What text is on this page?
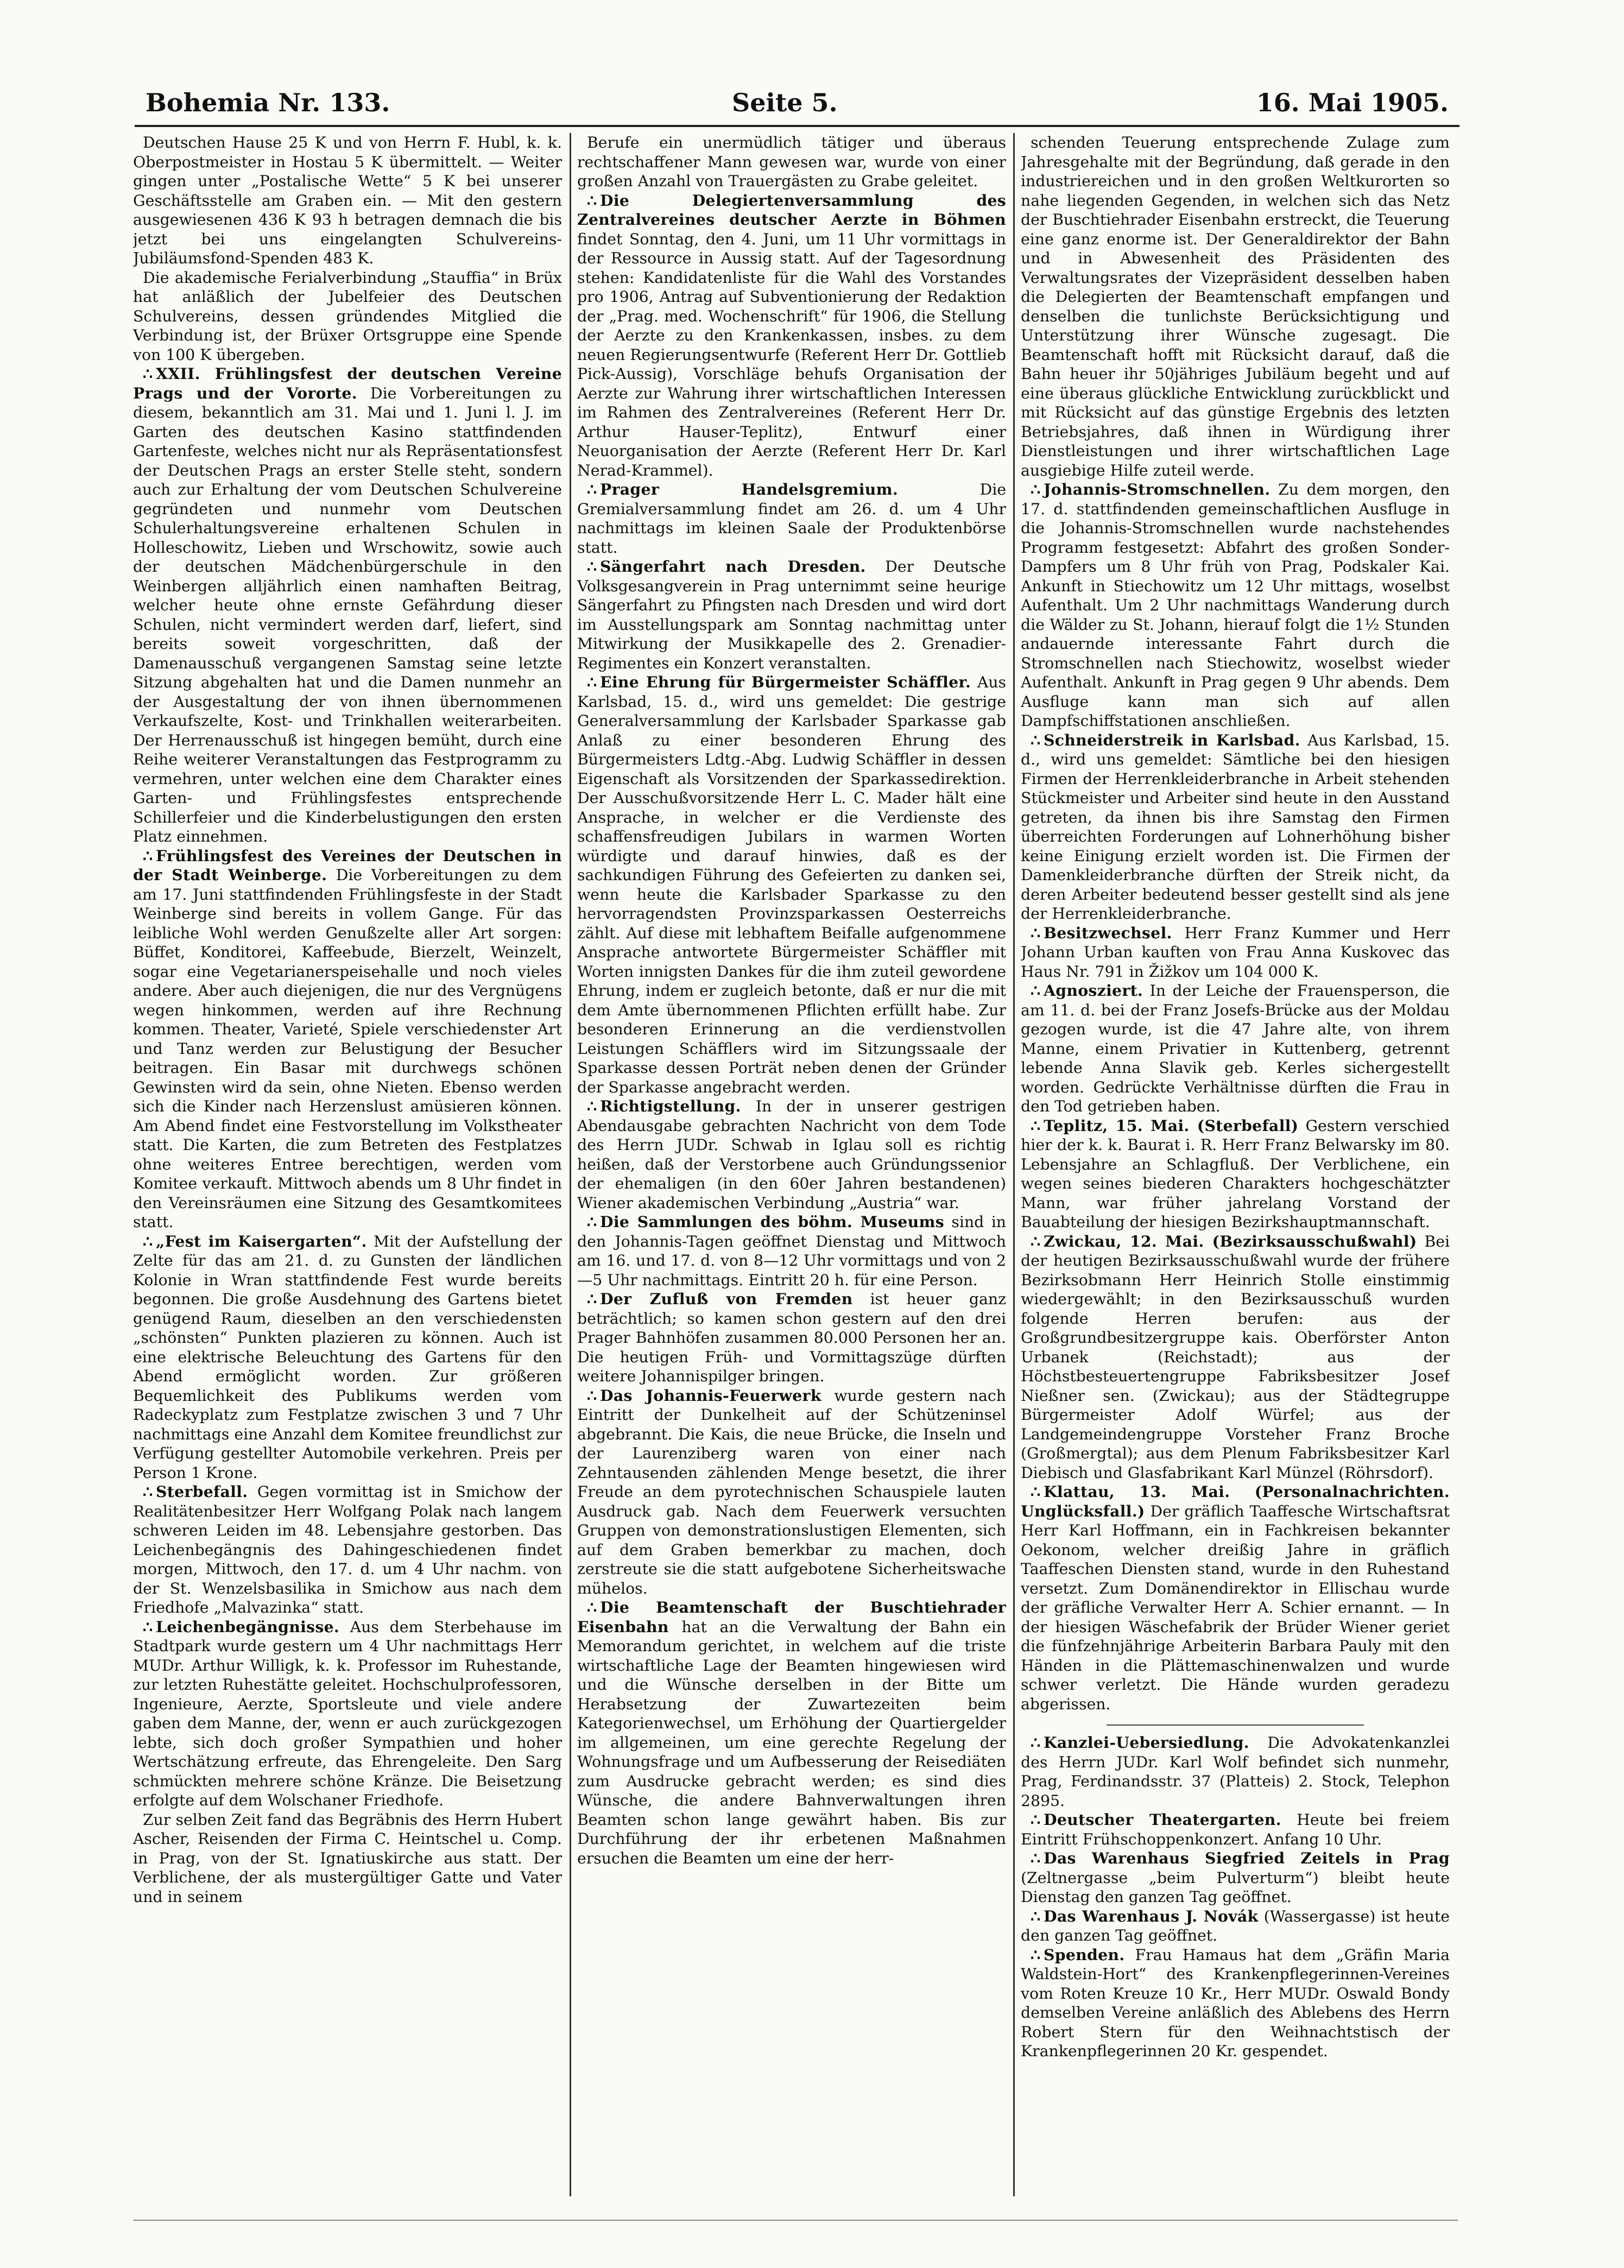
Bohemia Nr. 133.	Seite 5.	16. Mai 1905.

Deutschen Hause 25 K und von Herrn F. Hubl, k. k. Oberpostmeister in Hostau 5 K übermittelt. — Weiter gingen unter „Postalische Wette“ 5 K bei unserer Geschäftsstelle am Graben ein. — Mit den gestern ausgewiesenen 436 K 93 h betragen demnach die bis jetzt bei uns eingelangten Schulvereins-Jubiläumsfond-Spenden 483 K.

Die akademische Ferialverbindung „Stauffia“ in Brüx hat anläßlich der Jubelfeier des Deutschen Schulvereins, dessen gründendes Mitglied die Verbindung ist, der Brüxer Ortsgruppe eine Spende von 100 K übergeben.

∴ XXII. Frühlingsfest der deutschen Vereine Prags und der Vororte. Die Vorbereitungen zu diesem, bekanntlich am 31. Mai und 1. Juni l. J. im Garten des deutschen Kasino stattfindenden Gartenfeste, welches nicht nur als Repräsentationsfest der Deutschen Prags an erster Stelle steht, sondern auch zur Erhaltung der vom Deutschen Schulvereine gegründeten und nunmehr vom Deutschen Schulerhaltungsvereine erhaltenen Schulen in Holleschowitz, Lieben und Wrschowitz, sowie auch der deutschen Mädchenbürgerschule in den Weinbergen alljährlich einen namhaften Beitrag, welcher heute ohne ernste Gefährdung dieser Schulen, nicht vermindert werden darf, liefert, sind bereits soweit vorgeschritten, daß der Damenausschuß vergangenen Samstag seine letzte Sitzung abgehalten hat und die Damen nunmehr an der Ausgestaltung der von ihnen übernommenen Verkaufszelte, Kost- und Trinkhallen weiterarbeiten. Der Herrenausschuß ist hingegen bemüht, durch eine Reihe weiterer Veranstaltungen das Festprogramm zu vermehren, unter welchen eine dem Charakter eines Garten- und Frühlingsfestes entsprechende Schillerfeier und die Kinderbelustigungen den ersten Platz einnehmen.

∴ Frühlingsfest des Vereines der Deutschen in der Stadt Weinberge. Die Vorbereitungen zu dem am 17. Juni stattfindenden Frühlingsfeste in der Stadt Weinberge sind bereits in vollem Gange. Für das leibliche Wohl werden Genußzelte aller Art sorgen: Büffet, Konditorei, Kaffeebude, Bierzelt, Weinzelt, sogar eine Vegetarianerspeisehalle und noch vieles andere. Aber auch diejenigen, die nur des Vergnügens wegen hinkommen, werden auf ihre Rechnung kommen. Theater, Varieté, Spiele verschiedenster Art und Tanz werden zur Belustigung der Besucher beitragen. Ein Basar mit durchwegs schönen Gewinsten wird da sein, ohne Nieten. Ebenso werden sich die Kinder nach Herzenslust amüsieren können. Am Abend findet eine Festvorstellung im Volkstheater statt. Die Karten, die zum Betreten des Festplatzes ohne weiteres Entree berechtigen, werden vom Komitee verkauft. Mittwoch abends um 8 Uhr findet in den Vereinsräumen eine Sitzung des Gesamtkomitees statt.

∴ „Fest im Kaisergarten“. Mit der Aufstellung der Zelte für das am 21. d. zu Gunsten der ländlichen Kolonie in Wran stattfindende Fest wurde bereits begonnen. Die große Ausdehnung des Gartens bietet genügend Raum, dieselben an den verschiedensten „schönsten“ Punkten plazieren zu können. Auch ist eine elektrische Beleuchtung des Gartens für den Abend ermöglicht worden. Zur größeren Bequemlichkeit des Publikums werden vom Radeckyplatz zum Festplatze zwischen 3 und 7 Uhr nachmittags eine Anzahl dem Komitee freundlichst zur Verfügung gestellter Automobile verkehren. Preis per Person 1 Krone.

∴ Sterbefall. Gegen vormittag ist in Smichow der Realitätenbesitzer Herr Wolfgang Polak nach langem schweren Leiden im 48. Lebensjahre gestorben. Das Leichenbegängnis des Dahingeschiedenen findet morgen, Mittwoch, den 17. d. um 4 Uhr nachm. von der St. Wenzelsbasilika in Smichow aus nach dem Friedhofe „Malvazinka“ statt.

∴ Leichenbegängnisse. Aus dem Sterbehause im Stadtpark wurde gestern um 4 Uhr nachmittags Herr MUDr. Arthur Willigk, k. k. Professor im Ruhestande, zur letzten Ruhestätte geleitet. Hochschulprofessoren, Ingenieure, Aerzte, Sportsleute und viele andere gaben dem Manne, der, wenn er auch zurückgezogen lebte, sich doch großer Sympathien und hoher Wertschätzung erfreute, das Ehrengeleite. Den Sarg schmückten mehrere schöne Kränze. Die Beisetzung erfolgte auf dem Wolschaner Friedhofe.

Zur selben Zeit fand das Begräbnis des Herrn Hubert Ascher, Reisenden der Firma C. Heintschel u. Comp. in Prag, von der St. Ignatiuskirche aus statt. Der Verblichene, der als mustergültiger Gatte und Vater und in seinem

Berufe ein unermüdlich tätiger und überaus rechtschaffener Mann gewesen war, wurde von einer großen Anzahl von Trauergästen zu Grabe geleitet.

∴ Die Delegiertenversammlung des Zentralvereines deutscher Aerzte in Böhmen findet Sonntag, den 4. Juni, um 11 Uhr vormittags in der Ressource in Aussig statt. Auf der Tagesordnung stehen: Kandidatenliste für die Wahl des Vorstandes pro 1906, Antrag auf Subventionierung der Redaktion der „Prag. med. Wochenschrift“ für 1906, die Stellung der Aerzte zu den Krankenkassen, insbes. zu dem neuen Regierungsentwurfe (Referent Herr Dr. Gottlieb Pick-Aussig), Vorschläge behufs Organisation der Aerzte zur Wahrung ihrer wirtschaftlichen Interessen im Rahmen des Zentralvereines (Referent Herr Dr. Arthur Hauser-Teplitz), Entwurf einer Neuorganisation der Aerzte (Referent Herr Dr. Karl Nerad-Krammel).

∴ Prager Handelsgremium.	Die Gremialversammlung findet am 26. d. um 4 Uhr nachmittags im kleinen Saale der Produktenbörse statt.

∴ Sängerfahrt nach Dresden. Der Deutsche Volksgesangverein in Prag unternimmt seine heurige Sängerfahrt zu Pfingsten nach Dresden und wird dort im Ausstellungspark am Sonntag nachmittag unter Mitwirkung der Musikkapelle des 2. Grenadier-Regimentes ein Konzert veranstalten.

∴ Eine Ehrung für Bürgermeister Schäffler. Aus Karlsbad, 15. d., wird uns gemeldet: Die gestrige Generalversammlung der Karlsbader Sparkasse gab Anlaß zu einer besonderen Ehrung des Bürgermeisters Ldtg.-Abg. Ludwig Schäffler in dessen Eigenschaft als Vorsitzenden der Sparkassedirektion. Der Ausschußvorsitzende Herr L. C. Mader hält eine Ansprache, in welcher er die Verdienste des schaffensfreudigen Jubilars in warmen Worten würdigte und darauf hinwies, daß es der sachkundigen Führung des Gefeierten zu danken sei, wenn heute die Karlsbader Sparkasse zu den hervorragendsten Provinzsparkassen Oesterreichs zählt. Auf diese mit lebhaftem Beifalle aufgenommene Ansprache antwortete Bürgermeister Schäffler mit Worten innigsten Dankes für die ihm zuteil gewordene Ehrung, indem er zugleich betonte, daß er nur die mit dem Amte übernommenen Pflichten erfüllt habe. Zur besonderen Erinnerung an die verdienstvollen Leistungen Schäfflers wird im Sitzungssaale der Sparkasse dessen Porträt neben denen der Gründer der Sparkasse angebracht werden.

∴ Richtigstellung. In der in unserer gestrigen Abendausgabe gebrachten Nachricht von dem Tode des Herrn JUDr. Schwab in Iglau soll es richtig heißen, daß der Verstorbene auch Gründungssenior der ehemaligen (in den 60er Jahren bestandenen) Wiener akademischen Verbindung „Austria“ war.

∴ Die Sammlungen des böhm. Museums sind in den Johannis-Tagen geöffnet Dienstag und Mittwoch am 16. und 17. d. von 8—12 Uhr vormittags und von 2—5 Uhr nachmittags. Eintritt 20 h. für eine Person.

∴ Der Zufluß von Fremden ist heuer ganz beträchtlich; so kamen schon gestern auf den drei Prager Bahnhöfen zusammen 80.000 Personen her an. Die heutigen Früh- und Vormittagszüge dürften weitere Johannispilger bringen.

∴ Das Johannis-Feuerwerk wurde gestern nach Eintritt der Dunkelheit auf der Schützeninsel abgebrannt. Die Kais, die neue Brücke, die Inseln und der Laurenziberg waren von einer nach Zehntausenden zählenden Menge besetzt, die ihrer Freude an dem pyrotechnischen Schauspiele lauten Ausdruck gab. Nach dem Feuerwerk versuchten Gruppen von demonstrationslustigen Elementen, sich auf dem Graben bemerkbar zu machen, doch zerstreute sie die statt aufgebotene Sicherheitswache mühelos.

∴ Die Beamtenschaft der Buschtiehrader Eisenbahn hat an die Verwaltung der Bahn ein Memorandum gerichtet, in welchem auf die triste wirtschaftliche Lage der Beamten hingewiesen wird und die Wünsche derselben in der Bitte um Herabsetzung der Zuwartezeiten beim Kategorienwechsel, um Erhöhung der Quartiergelder im allgemeinen, um eine gerechte Regelung der Wohnungsfrage und um Aufbesserung der Reisediäten zum Ausdrucke gebracht werden; es sind dies Wünsche, die andere Bahnverwaltungen ihren Beamten schon lange gewährt haben. Bis zur Durchführung der ihr erbetenen Maßnahmen ersuchen die Beamten um eine der herr-

schenden Teuerung entsprechende Zulage zum Jahresgehalte mit der Begründung, daß gerade in den industriereichen und in den großen Weltkurorten so nahe liegenden Gegenden, in welchen sich das Netz der Buschtiehrader Eisenbahn erstreckt, die Teuerung eine ganz enorme ist. Der Generaldirektor der Bahn und in Abwesenheit des Präsidenten des Verwaltungsrates der Vizepräsident desselben haben die Delegierten der Beamtenschaft empfangen und denselben die tunlichste Berücksichtigung und Unterstützung ihrer Wünsche zugesagt. Die Beamtenschaft hofft mit Rücksicht darauf, daß die Bahn heuer ihr 50jähriges Jubiläum begeht und auf eine überaus glückliche Entwicklung zurückblickt und mit Rücksicht auf das günstige Ergebnis des letzten Betriebsjahres, daß ihnen in Würdigung ihrer Dienstleistungen und ihrer wirtschaftlichen Lage ausgiebige Hilfe zuteil werde.

∴ Johannis-Stromschnellen. Zu dem morgen, den 17. d. stattfindenden gemeinschaftlichen Ausfluge in die Johannis-Stromschnellen wurde nachstehendes Programm festgesetzt: Abfahrt des großen Sonder-Dampfers um 8 Uhr früh von Prag, Podskaler Kai. Ankunft in Stiechowitz um 12 Uhr mittags, woselbst Aufenthalt. Um 2 Uhr nachmittags Wanderung durch die Wälder zu St. Johann, hierauf folgt die 1½ Stunden andauernde interessante Fahrt durch die Stromschnellen nach Stiechowitz, woselbst wieder Aufenthalt. Ankunft in Prag gegen 9 Uhr abends. Dem Ausfluge kann man sich auf allen Dampfschiffstationen anschließen.

∴ Schneiderstreik in Karlsbad. Aus Karlsbad, 15. d., wird uns gemeldet: Sämtliche bei den hiesigen Firmen der Herrenkleiderbranche in Arbeit stehenden Stückmeister und Arbeiter sind heute in den Ausstand getreten, da ihnen bis ihre Samstag den Firmen überreichten Forderungen auf Lohnerhöhung bisher keine Einigung erzielt worden ist. Die Firmen der Damenkleiderbranche dürften der Streik nicht, da deren Arbeiter bedeutend besser gestellt sind als jene der Herrenkleiderbranche.

∴ Besitzwechsel. Herr Franz Kummer und Herr Johann Urban kauften von Frau Anna Kuskovec das Haus Nr. 791 in Žižkov um 104 000 K.

∴ Agnosziert. In der Leiche der Frauensperson, die am 11. d. bei der Franz Josefs-Brücke aus der Moldau gezogen wurde, ist die 47 Jahre alte, von ihrem Manne, einem Privatier in Kuttenberg, getrennt lebende Anna Slavik geb. Kerles sichergestellt worden. Gedrückte Verhältnisse dürften die Frau in den Tod getrieben haben.

∴ Teplitz, 15. Mai. (Sterbefall) Gestern verschied hier der k. k. Baurat i. R. Herr Franz Belwarsky im 80. Lebensjahre an Schlagfluß. Der Verblichene, ein wegen seines biederen Charakters hochgeschätzter Mann, war früher jahrelang Vorstand der Bauabteilung der hiesigen Bezirkshauptmannschaft.

∴ Zwickau, 12. Mai. (Bezirksausschußwahl) Bei der heutigen Bezirksausschußwahl wurde der frühere Bezirksobmann Herr Heinrich Stolle einstimmig wiedergewählt; in den Bezirksausschuß wurden folgende Herren berufen: aus der Großgrundbesitzergruppe kais. Oberförster Anton Urbanek (Reichstadt); aus der Höchstbesteuertengruppe Fabriksbesitzer Josef Nießner sen. (Zwickau); aus der Städtegruppe Bürgermeister Adolf Würfel; aus der Landgemeindengruppe Vorsteher Franz Broche (Großmergtal); aus dem Plenum Fabriksbesitzer Karl Diebisch und Glasfabrikant Karl Münzel (Röhrsdorf).

∴ Klattau, 13. Mai. (Personalnachrichten. Unglücksfall.) Der gräflich Taaffesche Wirtschaftsrat Herr Karl Hoffmann, ein in Fachkreisen bekannter Oekonom, welcher dreißig Jahre in gräflich Taaffeschen Diensten stand, wurde in den Ruhestand versetzt. Zum Domänendirektor in Ellischau wurde der gräfliche Verwalter Herr A. Schier ernannt. — In der hiesigen Wäschefabrik der Brüder Wiener geriet die fünfzehnjährige Arbeiterin Barbara Pauly mit den Händen in die Plättemaschinenwalzen und wurde schwer verletzt. Die Hände wurden geradezu abgerissen.

∴ Kanzlei-Uebersiedlung. Die Advokatenkanzlei des Herrn JUDr. Karl Wolf befindet sich nunmehr, Prag, Ferdinandsstr. 37 (Platteis) 2. Stock, Telephon 2895.

∴ Deutscher Theatergarten. Heute bei freiem Eintritt Frühschoppenkonzert. Anfang 10 Uhr.

∴ Das Warenhaus Siegfried Zeitels in Prag (Zeltnergasse „beim Pulverturm“) bleibt heute Dienstag den ganzen Tag geöffnet.

∴ Das Warenhaus J. Novák (Wassergasse) ist heute den ganzen Tag geöffnet.

∴ Spenden. Frau Hamaus hat dem „Gräfin Maria Waldstein-Hort“ des Krankenpflegerinnen-Vereines vom Roten Kreuze 10 Kr., Herr MUDr. Oswald Bondy demselben Vereine anläßlich des Ablebens des Herrn Robert Stern für den Weihnachtstisch der Krankenpflegerinnen 20 Kr. gespendet.
